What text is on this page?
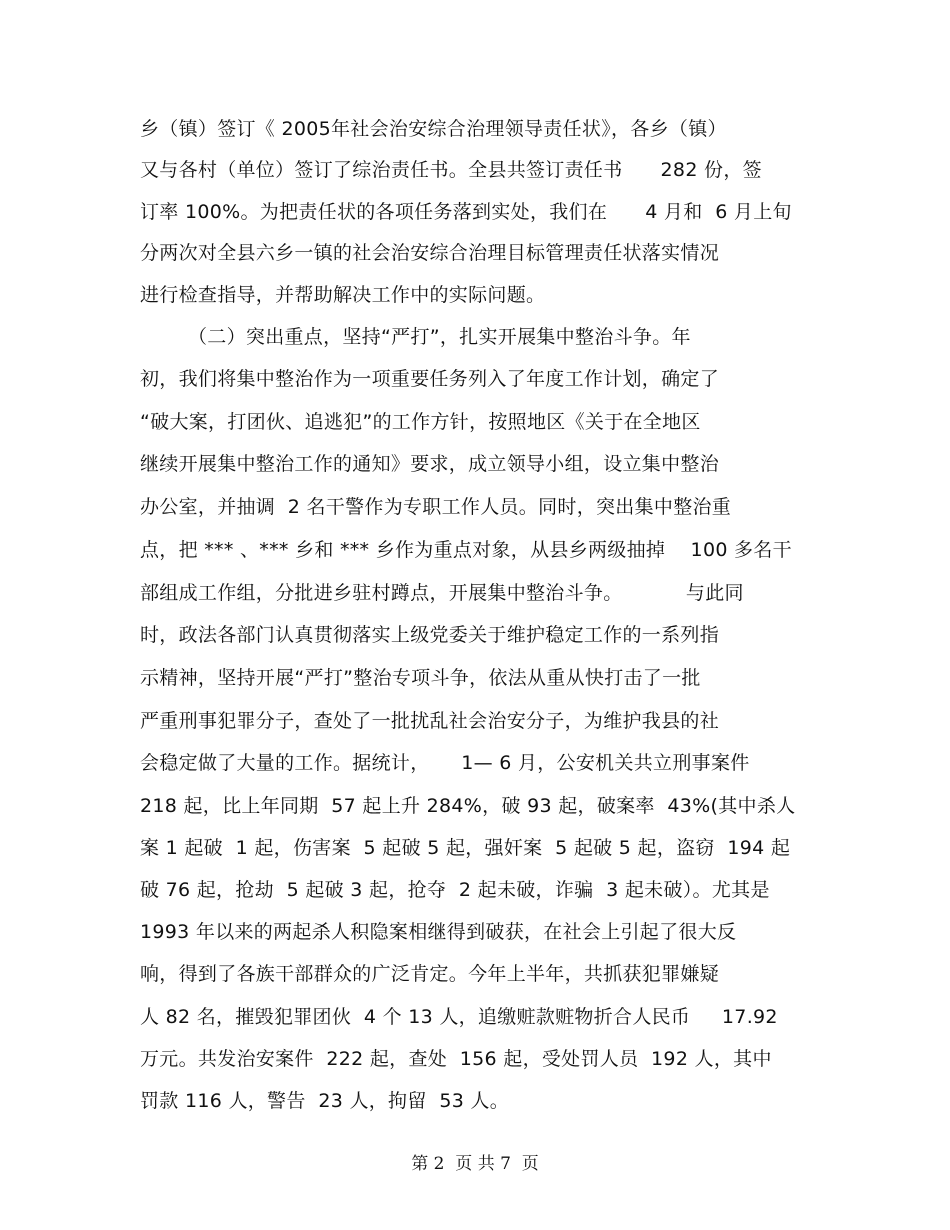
乡（镇）签订《 2005年社会治安综合治理领导责任状》，各乡（镇）
又与各村（单位）签订了综治责任书。全县共签订责任书      282 份，签
订率 100%。为把责任状的各项任务落到实处，我们在      4 月和  6 月上旬
分两次对全县六乡一镇的社会治安综合治理目标管理责任状落实情况
进行检查指导，并帮助解决工作中的实际问题。
（二）突出重点，坚持“严打”，扎实开展集中整治斗争。年
初，我们将集中整治作为一项重要任务列入了年度工作计划，确定了
“破大案，打团伙、追逃犯”的工作方针，按照地区《关于在全地区
继续开展集中整治工作的通知》要求，成立领导小组，设立集中整治
办公室，并抽调  2 名干警作为专职工作人员。同时，突出集中整治重
点，把 *** 、*** 乡和 *** 乡作为重点对象，从县乡两级抽掉    100 多名干
部组成工作组，分批进乡驻村蹲点，开展集中整治斗争。          与此同
时，政法各部门认真贯彻落实上级党委关于维护稳定工作的一系列指
示精神，坚持开展“严打”整治专项斗争，依法从重从快打击了一批
严重刑事犯罪分子，查处了一批扰乱社会治安分子，为维护我县的社
会稳定做了大量的工作。据统计，     1— 6 月，公安机关共立刑事案件
218 起，比上年同期  57 起上升 284%，破 93 起，破案率  43%(其中杀人
案 1 起破  1 起，伤害案  5 起破 5 起，强奸案  5 起破 5 起，盗窃  194 起
破 76 起，抢劫  5 起破 3 起，抢夺  2 起未破，诈骗  3 起未破）。尤其是
1993 年以来的两起杀人积隐案相继得到破获，在社会上引起了很大反
响，得到了各族干部群众的广泛肯定。今年上半年，共抓获犯罪嫌疑
人 82 名，摧毁犯罪团伙  4 个 13 人，追缴赃款赃物折合人民币     17.92
万元。共发治安案件  222 起，查处  156 起，受处罚人员  192 人，其中
罚款 116 人，警告  23 人，拘留  53 人。
第 2  页 共 7  页
